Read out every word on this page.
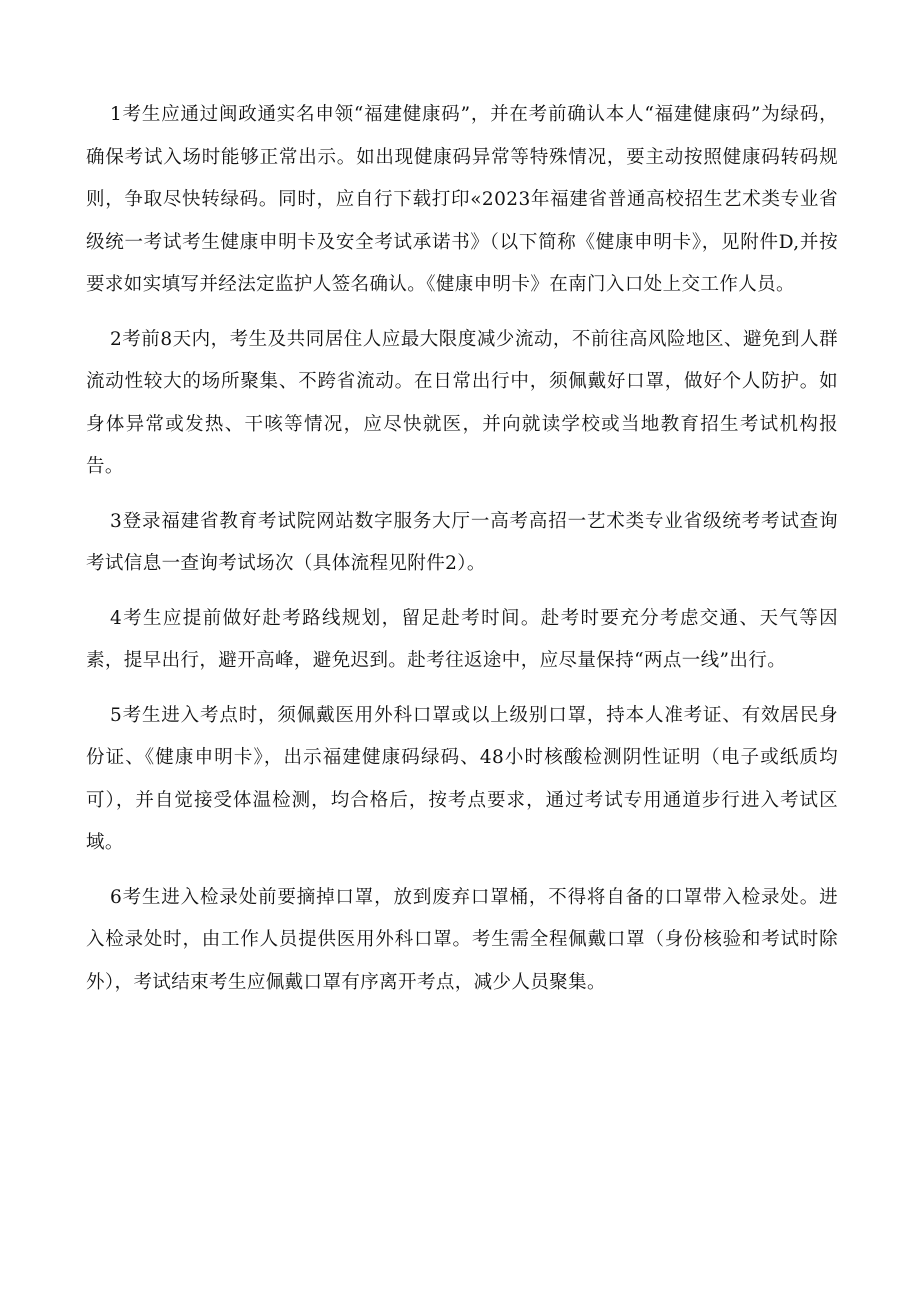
1考生应通过闽政通实名申领“福建健康码”，并在考前确认本人“福建健康码”为绿码，确保考试入场时能够正常出示。如出现健康码异常等特殊情况，要主动按照健康码转码规则，争取尽快转绿码。同时，应自行下载打印«2023年福建省普通高校招生艺术类专业省级统一考试考生健康申明卡及安全考试承诺书》（以下简称《健康申明卡》，见附件D,并按要求如实填写并经法定监护人签名确认。《健康申明卡》在南门入口处上交工作人员。

2考前8天内，考生及共同居住人应最大限度减少流动，不前往高风险地区、避免到人群流动性较大的场所聚集、不跨省流动。在日常出行中，须佩戴好口罩，做好个人防护。如身体异常或发热、干咳等情况，应尽快就医，并向就读学校或当地教育招生考试机构报告。

3登录福建省教育考试院网站数字服务大厅一高考高招一艺术类专业省级统考考试查询考试信息一查询考试场次（具体流程见附件2）。

4考生应提前做好赴考路线规划，留足赴考时间。赴考时要充分考虑交通、天气等因素，提早出行，避开高峰，避免迟到。赴考往返途中，应尽量保持“两点一线”出行。

5考生进入考点时，须佩戴医用外科口罩或以上级别口罩，持本人准考证、有效居民身份证、《健康申明卡》，出示福建健康码绿码、48小时核酸检测阴性证明（电子或纸质均可），并自觉接受体温检测，均合格后，按考点要求，通过考试专用通道步行进入考试区域。

6考生进入检录处前要摘掉口罩，放到废弃口罩桶，不得将自备的口罩带入检录处。进入检录处时，由工作人员提供医用外科口罩。考生需全程佩戴口罩（身份核验和考试时除外），考试结束考生应佩戴口罩有序离开考点，减少人员聚集。
